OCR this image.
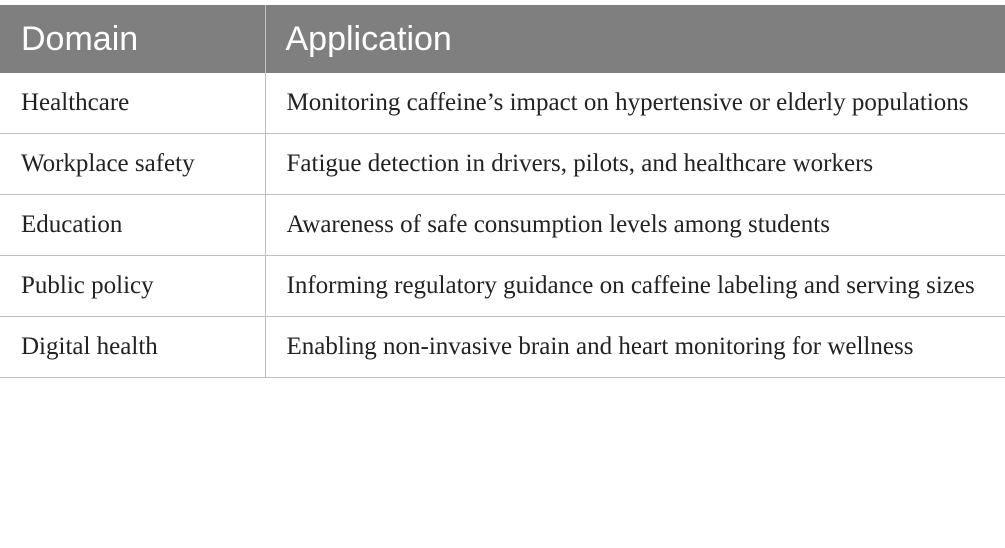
Domain	Application
Healthcare	Monitoring caffeine’s impact on hypertensive or elderly populations
Workplace safety	Fatigue detection in drivers, pilots, and healthcare workers
Education	Awareness of safe consumption levels among students
Public policy	Informing regulatory guidance on caffeine labeling and serving sizes
Digital health	Enabling non-invasive brain and heart monitoring for wellness
